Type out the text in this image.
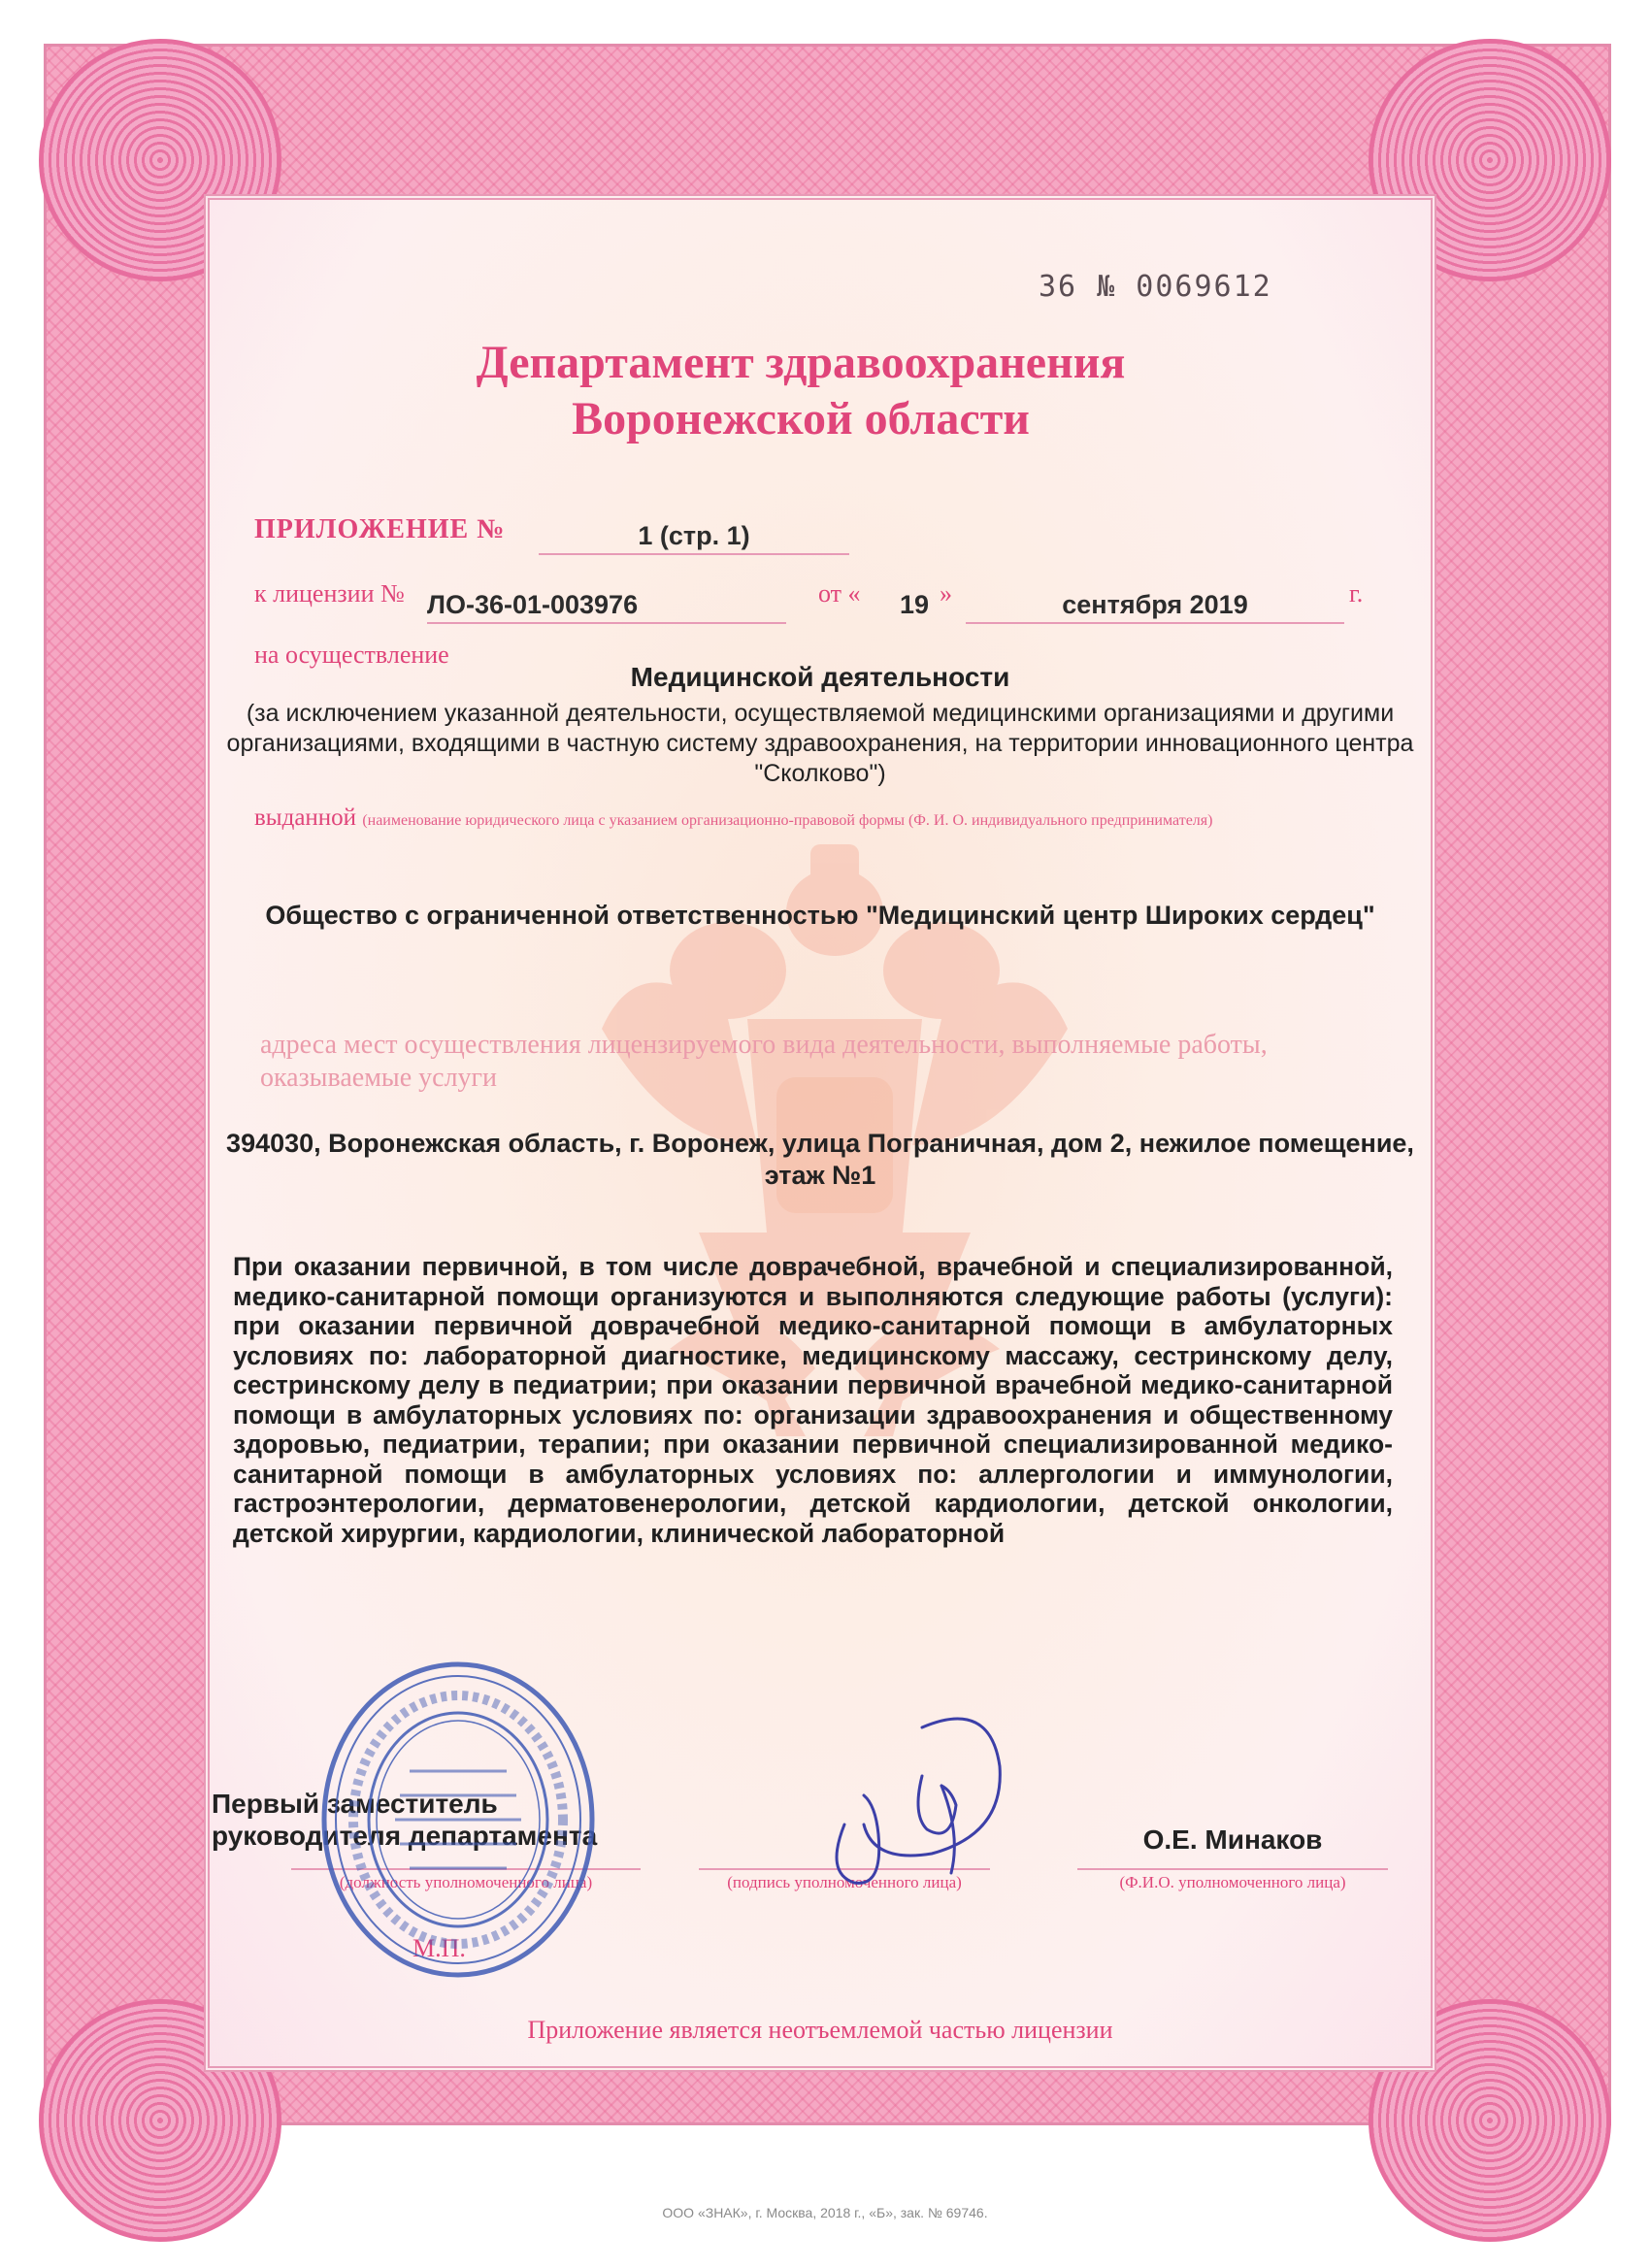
36 № 0069612
Департамент здравоохранения
Воронежской области
ПРИЛОЖЕНИЕ №	1 (стр. 1)
к лицензии № ЛО-36-01-003976	от «	19 »	сентября 2019	г.
на осуществление
Медицинской деятельности
(за исключением указанной деятельности, осуществляемой медицинскими организациями и другими организациями, входящими в частную систему здравоохранения, на территории инновационного центра "Сколково")
выданной (наименование юридического лица с указанием организационно-правовой формы (Ф. И. О. индивидуального предпринимателя)
Общество с ограниченной ответственностью "Медицинский центр Широких сердец"
адреса мест осуществления лицензируемого вида деятельности, выполняемые работы, оказываемые услуги
394030, Воронежская область, г. Воронеж, улица Пограничная, дом 2, нежилое помещение, этаж №1
При оказании первичной, в том числе доврачебной, врачебной и специализированной, медико-санитарной помощи организуются и выполняются следующие работы (услуги): при оказании первичной доврачебной медико-санитарной помощи в амбулаторных условиях по: лабораторной диагностике, медицинскому массажу, сестринскому делу, сестринскому делу в педиатрии; при оказании первичной врачебной медико-санитарной помощи в амбулаторных условиях по: организации здравоохранения и общественному здоровью, педиатрии, терапии; при оказании первичной специализированной медико-санитарной помощи в амбулаторных условиях по: аллергологии и иммунологии, гастроэнтерологии, дерматовенерологии, детской кардиологии, детской онкологии, детской хирургии, кардиологии, клинической лабораторной
Первый заместитель руководителя департамента
(должность уполномоченного лица)	(подпись уполномоченного лица)
О.Е. Минаков
(Ф.И.О. уполномоченного лица)
М.П.
Приложение является неотъемлемой частью лицензии
ООО «ЗНАК», г. Москва, 2018 г., «Б», зак. № 69746.
